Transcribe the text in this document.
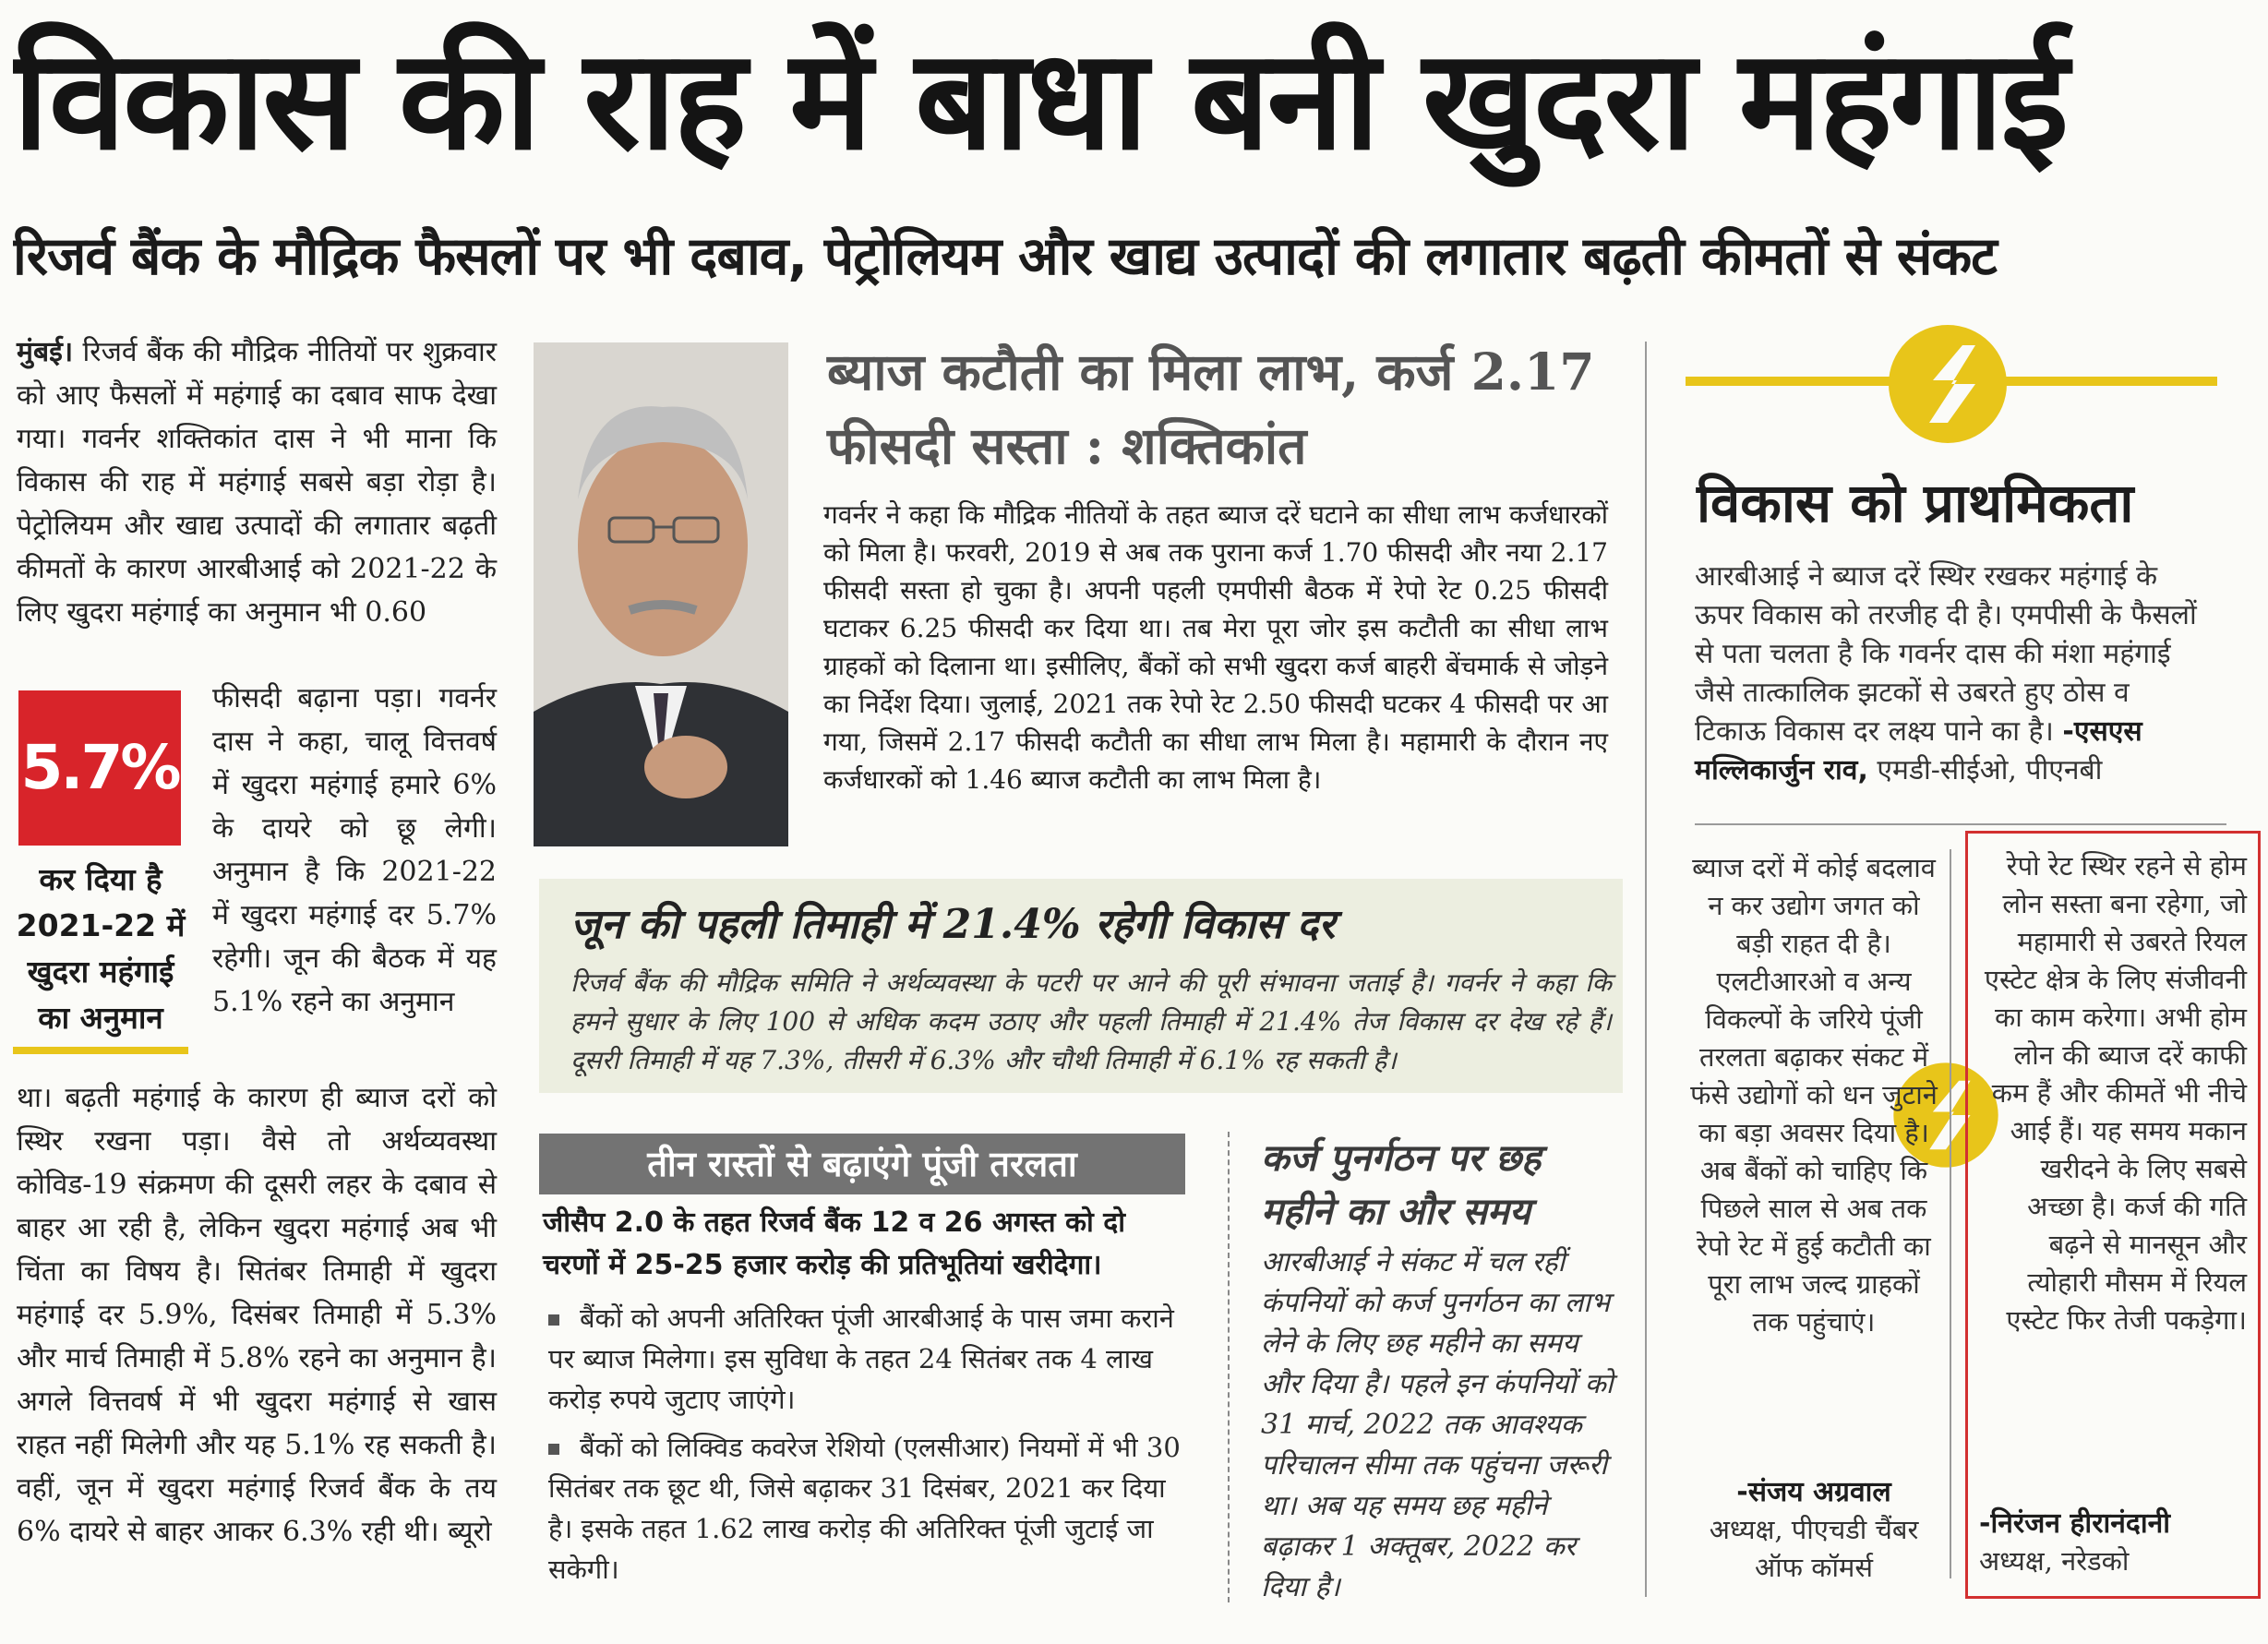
विकास की राह में बाधा बनी खुदरा महंगाई
रिजर्व बैंक के मौद्रिक फैसलों पर भी दबाव, पेट्रोलियम और खाद्य उत्पादों की लगातार बढ़ती कीमतों से संकट
मुंबई। रिजर्व बैंक की मौद्रिक नीतियों पर शुक्रवार को आए फैसलों में महंगाई का दबाव साफ देखा गया। गवर्नर शक्तिकांत दास ने भी माना कि विकास की राह में महंगाई सबसे बड़ा रोड़ा है। पेट्रोलियम और खाद्य उत्पादों की लगातार बढ़ती कीमतों के कारण आरबीआई को 2021-22 के लिए खुदरा महंगाई का अनुमान भी 0.60
5.7%
कर दिया है 2021-22 में खुदरा महंगाई का अनुमान
फीसदी बढ़ाना पड़ा। गवर्नर दास ने कहा, चालू वित्तवर्ष में खुदरा महंगाई हमारे 6% के दायरे को छू लेगी। अनुमान है कि 2021-22 में खुदरा महंगाई दर 5.7% रहेगी। जून की बैठक में यह 5.1% रहने का अनुमान
था। बढ़ती महंगाई के कारण ही ब्याज दरों को स्थिर रखना पड़ा। वैसे तो अर्थव्यवस्था कोविड-19 संक्रमण की दूसरी लहर के दबाव से बाहर आ रही है, लेकिन खुदरा महंगाई अब भी चिंता का विषय है। सितंबर तिमाही में खुदरा महंगाई दर 5.9%, दिसंबर तिमाही में 5.3% और मार्च तिमाही में 5.8% रहने का अनुमान है। अगले वित्तवर्ष में भी खुदरा महंगाई से खास राहत नहीं मिलेगी और यह 5.1% रह सकती है। वहीं, जून में खुदरा महंगाई रिजर्व बैंक के तय 6% दायरे से बाहर आकर 6.3% रही थी। ब्यूरो
ब्याज कटौती का मिला लाभ, कर्ज 2.17 फीसदी सस्ता : शक्तिकांत
गवर्नर ने कहा कि मौद्रिक नीतियों के तहत ब्याज दरें घटाने का सीधा लाभ कर्जधारकों को मिला है। फरवरी, 2019 से अब तक पुराना कर्ज 1.70 फीसदी और नया 2.17 फीसदी सस्ता हो चुका है। अपनी पहली एमपीसी बैठक में रेपो रेट 0.25 फीसदी घटाकर 6.25 फीसदी कर दिया था। तब मेरा पूरा जोर इस कटौती का सीधा लाभ ग्राहकों को दिलाना था। इसीलिए, बैंकों को सभी खुदरा कर्ज बाहरी बेंचमार्क से जोड़ने का निर्देश दिया। जुलाई, 2021 तक रेपो रेट 2.50 फीसदी घटकर 4 फीसदी पर आ गया, जिसमें 2.17 फीसदी कटौती का सीधा लाभ मिला है। महामारी के दौरान नए कर्जधारकों को 1.46 ब्याज कटौती का लाभ मिला है।
जून की पहली तिमाही में 21.4% रहेगी विकास दर
रिजर्व बैंक की मौद्रिक समिति ने अर्थव्यवस्था के पटरी पर आने की पूरी संभावना जताई है। गवर्नर ने कहा कि हमने सुधार के लिए 100 से अधिक कदम उठाए और पहली तिमाही में 21.4% तेज विकास दर देख रहे हैं। दूसरी तिमाही में यह 7.3%, तीसरी में 6.3% और चौथी तिमाही में 6.1% रह सकती है।
तीन रास्तों से बढ़ाएंगे पूंजी तरलता
जीसैप 2.0 के तहत रिजर्व बैंक 12 व 26 अगस्त को दो चरणों में 25-25 हजार करोड़ की प्रतिभूतियां खरीदेगा।
बैंकों को अपनी अतिरिक्त पूंजी आरबीआई के पास जमा कराने पर ब्याज मिलेगा। इस सुविधा के तहत 24 सितंबर तक 4 लाख करोड़ रुपये जुटाए जाएंगे।
बैंकों को लिक्विड कवरेज रेशियो (एलसीआर) नियमों में भी 30 सितंबर तक छूट थी, जिसे बढ़ाकर 31 दिसंबर, 2021 कर दिया है। इसके तहत 1.62 लाख करोड़ की अतिरिक्त पूंजी जुटाई जा सकेगी।
कर्ज पुनर्गठन पर छह महीने का और समय
आरबीआई ने संकट में चल रहीं कंपनियों को कर्ज पुनर्गठन का लाभ लेने के लिए छह महीने का समय और दिया है। पहले इन कंपनियों को 31 मार्च, 2022 तक आवश्यक परिचालन सीमा तक पहुंचना जरूरी था। अब यह समय छह महीने बढ़ाकर 1 अक्तूबर, 2022 कर दिया है।
विकास को प्राथमिकता
आरबीआई ने ब्याज दरें स्थिर रखकर महंगाई के ऊपर विकास को तरजीह दी है। एमपीसी के फैसलों से पता चलता है कि गवर्नर दास की मंशा महंगाई जैसे तात्कालिक झटकों से उबरते हुए ठोस व टिकाऊ विकास दर लक्ष्य पाने का है। -एसएस मल्लिकार्जुन राव, एमडी-सीईओ, पीएनबी
ब्याज दरों में कोई बदलाव न कर उद्योग जगत को बड़ी राहत दी है। एलटीआरओ व अन्य विकल्पों के जरिये पूंजी तरलता बढ़ाकर संकट में फंसे उद्योगों को धन जुटाने का बड़ा अवसर दिया है। अब बैंकों को चाहिए कि पिछले साल से अब तक रेपो रेट में हुई कटौती का पूरा लाभ जल्द ग्राहकों तक पहुंचाएं।
-संजय अग्रवाल
अध्यक्ष, पीएचडी चैंबर ऑफ कॉमर्स
रेपो रेट स्थिर रहने से होम लोन सस्ता बना रहेगा, जो महामारी से उबरते रियल एस्टेट क्षेत्र के लिए संजीवनी का काम करेगा। अभी होम लोन की ब्याज दरें काफी कम हैं और कीमतें भी नीचे आई हैं। यह समय मकान खरीदने के लिए सबसे अच्छा है। कर्ज की गति बढ़ने से मानसून और त्योहारी मौसम में रियल एस्टेट फिर तेजी पकड़ेगा।
-निरंजन हीरानंदानी
अध्यक्ष, नरेडको
